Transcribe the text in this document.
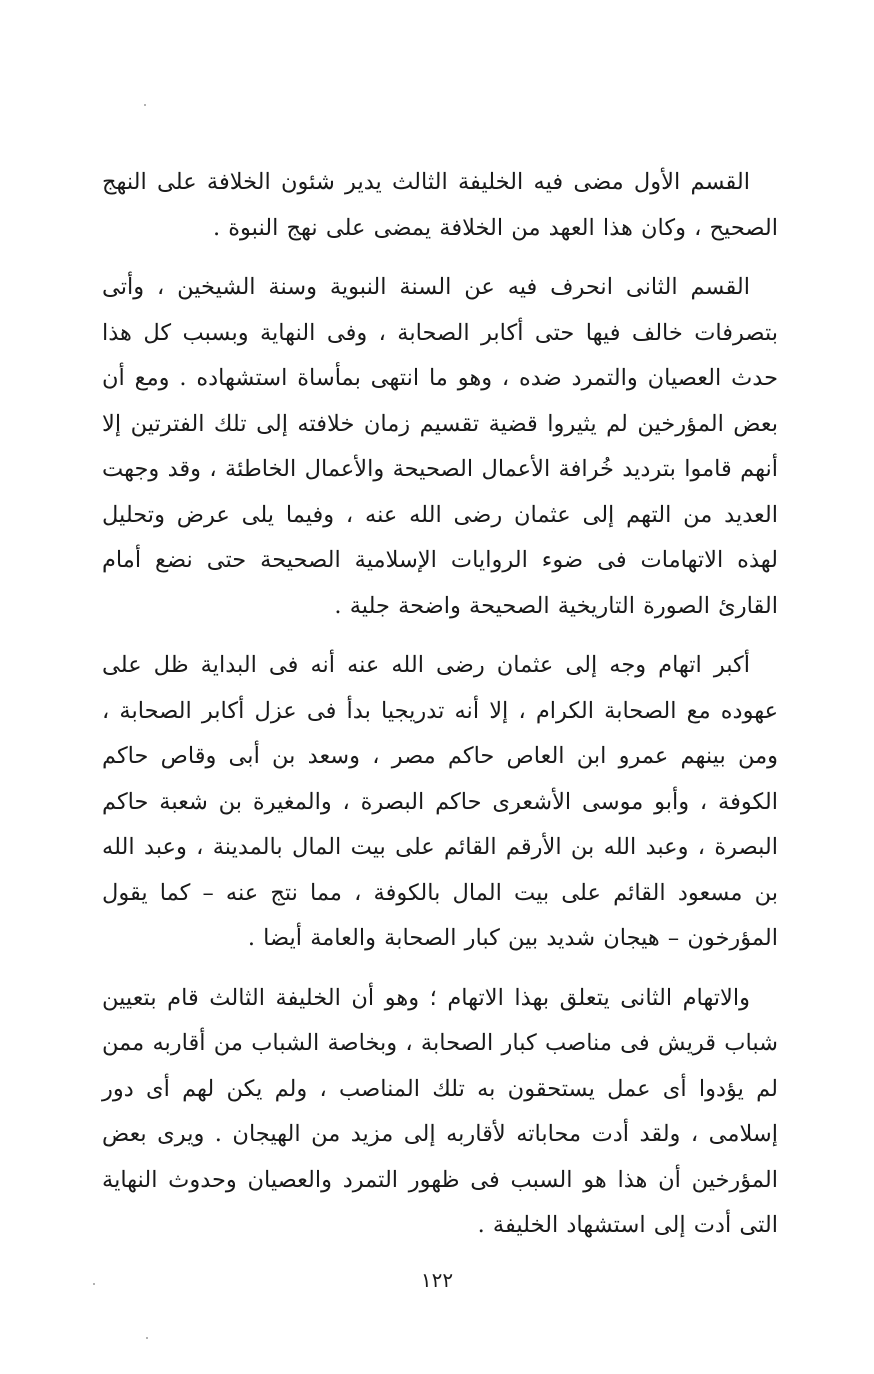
القسم الأول مضى فيه الخليفة الثالث يدير شئون الخلافة على النهج الصحيح ، وكان هذا العهد من الخلافة يمضى على نهج النبوة .

القسم الثانى انحرف فيه عن السنة النبوية وسنة الشيخين ، وأتى بتصرفات خالف فيها حتى أكابر الصحابة ، وفى النهاية وبسبب كل هذا حدث العصيان والتمرد ضده ، وهو ما انتهى بمأساة استشهاده . ومع أن بعض المؤرخين لم يثيروا قضية تقسيم زمان خلافته إلى تلك الفترتين إلا أنهم قاموا بترديد خُرافة الأعمال الصحيحة والأعمال الخاطئة ، وقد وجهت العديد من التهم إلى عثمان رضى الله عنه ، وفيما يلى عرض وتحليل لهذه الاتهامات فى ضوء الروايات الإسلامية الصحيحة حتى نضع أمام القارئ الصورة التاريخية الصحيحة واضحة جلية .

أكبر اتهام وجه إلى عثمان رضى الله عنه أنه فى البداية ظل على عهوده مع الصحابة الكرام ، إلا أنه تدريجيا بدأ فى عزل أكابر الصحابة ، ومن بينهم عمرو ابن العاص حاكم مصر ، وسعد بن أبى وقاص حاكم الكوفة ، وأبو موسى الأشعرى حاكم البصرة ، والمغيرة بن شعبة حاكم البصرة ، وعبد الله بن الأرقم القائم على بيت المال بالمدينة ، وعبد الله بن مسعود القائم على بيت المال بالكوفة ، مما نتج عنه – كما يقول المؤرخون – هيجان شديد بين كبار الصحابة والعامة أيضا .

والاتهام الثانى يتعلق بهذا الاتهام ؛ وهو أن الخليفة الثالث قام بتعيين شباب قريش فى مناصب كبار الصحابة ، وبخاصة الشباب من أقاربه ممن لم يؤدوا أى عمل يستحقون به تلك المناصب ، ولم يكن لهم أى دور إسلامى ، ولقد أدت محاباته لأقاربه إلى مزيد من الهيجان . ويرى بعض المؤرخين أن هذا هو السبب فى ظهور التمرد والعصيان وحدوث النهاية التى أدت إلى استشهاد الخليفة .

١٢٢
